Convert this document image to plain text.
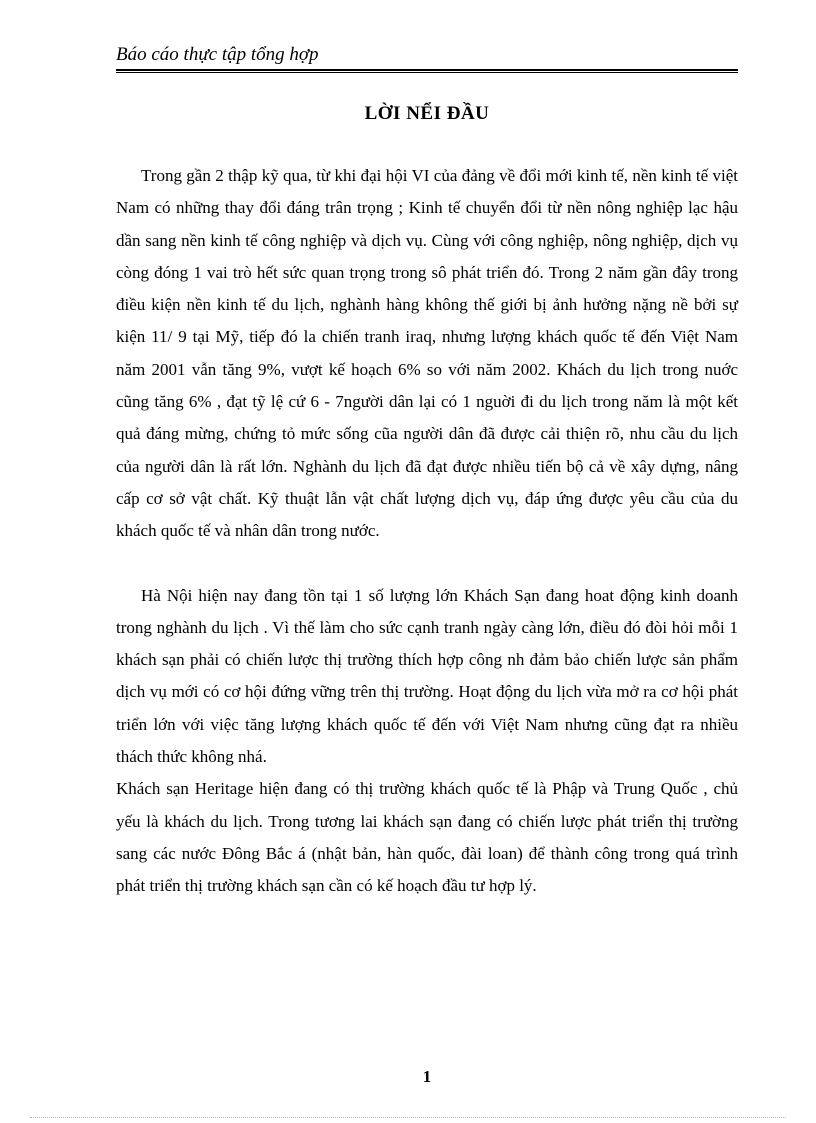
Báo cáo thực tập tổng hợp
LỜI NỂI ĐẦU

Trong gần 2 thập kỹ qua, từ khi đại hội VI của đảng về đổi mới kinh tế, nền kinh tế việt Nam có những thay đổi đáng trân trọng ; Kinh tế chuyển đổi từ nền nông nghiệp lạc hậu dần sang nền kinh tế công nghiệp và dịch vụ. Cùng với công nghiệp, nông nghiệp, dịch vụ còng đóng 1 vai trò hết sức quan trọng trong sô phát triển đó. Trong 2 năm gần đây trong điều kiện nền kinh tế du lịch, nghành hàng không thế giới bị ảnh hưởng nặng nề bởi sự kiện 11/ 9 tại Mỹ, tiếp đó la chiến tranh iraq, nhưng lượng khách quốc tế đến Việt Nam năm 2001 vẫn tăng 9%, vượt kế hoạch 6% so với năm 2002. Khách du lịch trong nuớc cũng tăng 6% , đạt tỹ lệ cứ 6 - 7người dân lại có 1 nguời đi du lịch trong năm là một kết quả đáng mừng, chứng tỏ mức sống cũa người dân đã được cải thiện rõ, nhu cầu du lịch của người dân là rất lớn. Nghành du lịch đã đạt được nhiều tiến bộ cả về xây dựng, nâng cấp cơ sở vật chất. Kỹ thuật lẫn vật chất lượng dịch vụ, đáp ứng được yêu cầu của du khách quốc tế và nhân dân trong nước.

Hà Nội hiện nay đang tồn tại 1 số lượng lớn Khách Sạn đang hoat động kinh doanh trong nghành du lịch . Vì thế làm cho sức cạnh tranh ngày càng lớn, điều đó đòi hỏi mỗi 1 khách sạn phải có chiến lược thị trường thích hợp công nh đảm bảo chiến lược sản phẩm dịch vụ mới có cơ hội đứng vững trên thị trường. Hoạt động du lịch vừa mở ra cơ hội phát triển lớn với việc tăng lượng khách quốc tế đến với Việt Nam nhưng cũng đạt ra nhiều thách thức không nhá.

Khách sạn Heritage hiện đang có thị trường khách quốc tế là Phập và Trung Quốc , chủ yếu là khách du lịch. Trong tương lai khách sạn đang có chiến lược phát triển thị trường sang các nước Đông Bắc á (nhật bản, hàn quốc, đài loan) để thành công trong quá trình phát triển thị trường khách sạn cần có kế hoạch đầu tư hợp lý.

1
